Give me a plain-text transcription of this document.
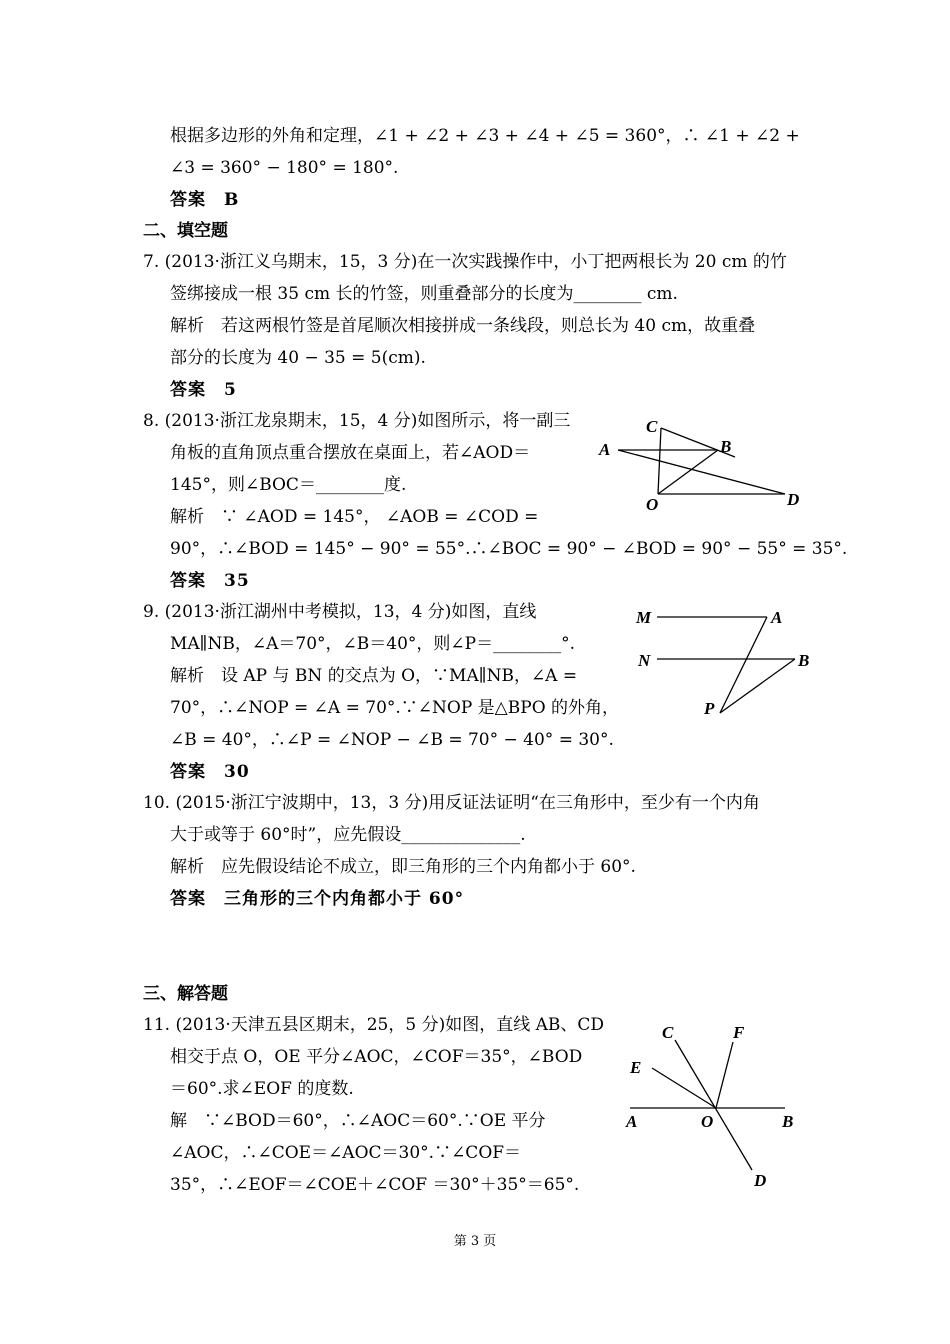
根据多边形的外角和定理，∠1 + ∠2 + ∠3 + ∠4 + ∠5 = 360°，∴ ∠1 + ∠2 +
∠3 = 360° − 180° = 180°.
答案　B
二、填空题
7. (2013·浙江义乌期末，15，3 分)在一次实践操作中，小丁把两根长为 20 cm 的竹
签绑接成一根 35 cm 长的竹签，则重叠部分的长度为________ cm.
解析　若这两根竹签是首尾顺次相接拼成一条线段，则总长为 40 cm，故重叠
部分的长度为 40 − 35 = 5(cm).
答案　5
8. (2013·浙江龙泉期末，15，4 分)如图所示，将一副三
角板的直角顶点重合摆放在桌面上，若∠AOD＝
145°，则∠BOC＝________度.
解析　∵ ∠AOD = 145°， ∠AOB = ∠COD =
90°，∴∠BOD = 145° − 90° = 55°.∴∠BOC = 90° − ∠BOD = 90° − 55° = 35°.
答案　35
9. (2013·浙江湖州中考模拟，13，4 分)如图，直线
MA∥NB，∠A＝70°，∠B＝40°，则∠P＝________°.
解析　设 AP 与 BN 的交点为 O，∵MA∥NB，∠A =
70°，∴∠NOP = ∠A = 70°.∵∠NOP 是△BPO 的外角，
∠B = 40°，∴∠P = ∠NOP − ∠B = 70° − 40° = 30°.
答案　30
10. (2015·浙江宁波期中，13，3 分)用反证法证明“在三角形中，至少有一个内角
大于或等于 60°时”，应先假设______________.
解析　应先假设结论不成立，即三角形的三个内角都小于 60°.
答案　三角形的三个内角都小于 60°
三、解答题
11. (2013·天津五县区期末，25，5 分)如图，直线 AB、CD
相交于点 O，OE 平分∠AOC，∠COF＝35°，∠BOD
＝60°.求∠EOF 的度数.
解　∵∠BOD＝60°，∴∠AOC＝60°.∵OE 平分
∠AOC，∴∠COE＝∠AOC＝30°.∵∠COF＝
35°，∴∠EOF＝∠COE＋∠COF ＝30°＋35°＝65°.
C
B
A
O	D
M	A
N	B
P
C	F
E
A	O	B
D
第 3 页
